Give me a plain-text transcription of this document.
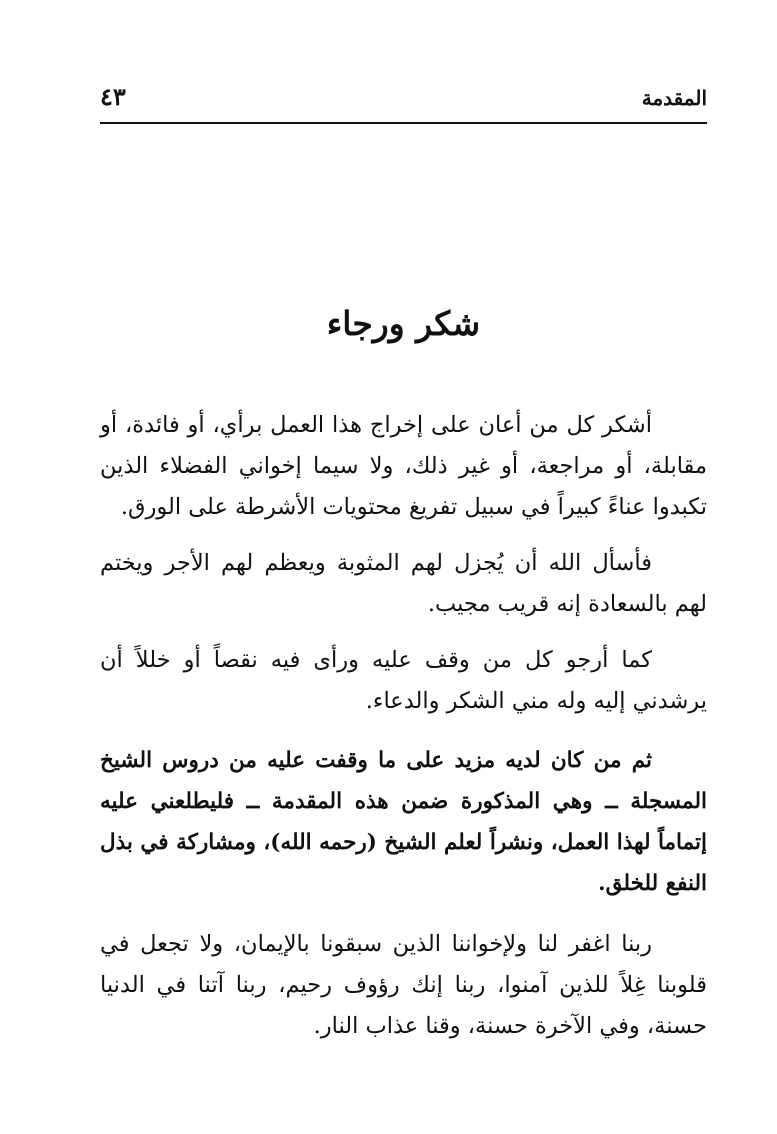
المقدمة
٤٣
شكر ورجاء

أشكر كل من أعان على إخراج هذا العمل برأي، أو فائدة، أو مقابلة، أو مراجعة، أو غير ذلك، ولا سيما إخواني الفضلاء الذين تكبدوا عناءً كبيراً في سبيل تفريغ محتويات الأشرطة على الورق.

فأسأل الله أن يُجزل لهم المثوبة ويعظم لهم الأجر ويختم لهم بالسعادة إنه قريب مجيب.

كما أرجو كل من وقف عليه ورأى فيه نقصاً أو خللاً أن يرشدني إليه وله مني الشكر والدعاء.

ثم من كان لديه مزيد على ما وقفت عليه من دروس الشيخ المسجلة ــ وهي المذكورة ضمن هذه المقدمة ــ فليطلعني عليه إتماماً لهذا العمل، ونشراً لعلم الشيخ (رحمه الله)، ومشاركة في بذل النفع للخلق.

ربنا اغفر لنا ولإخواننا الذين سبقونا بالإيمان، ولا تجعل في قلوبنا غِلاً للذين آمنوا، ربنا إنك رؤوف رحيم، ربنا آتنا في الدنيا حسنة، وفي الآخرة حسنة، وقنا عذاب النار.
